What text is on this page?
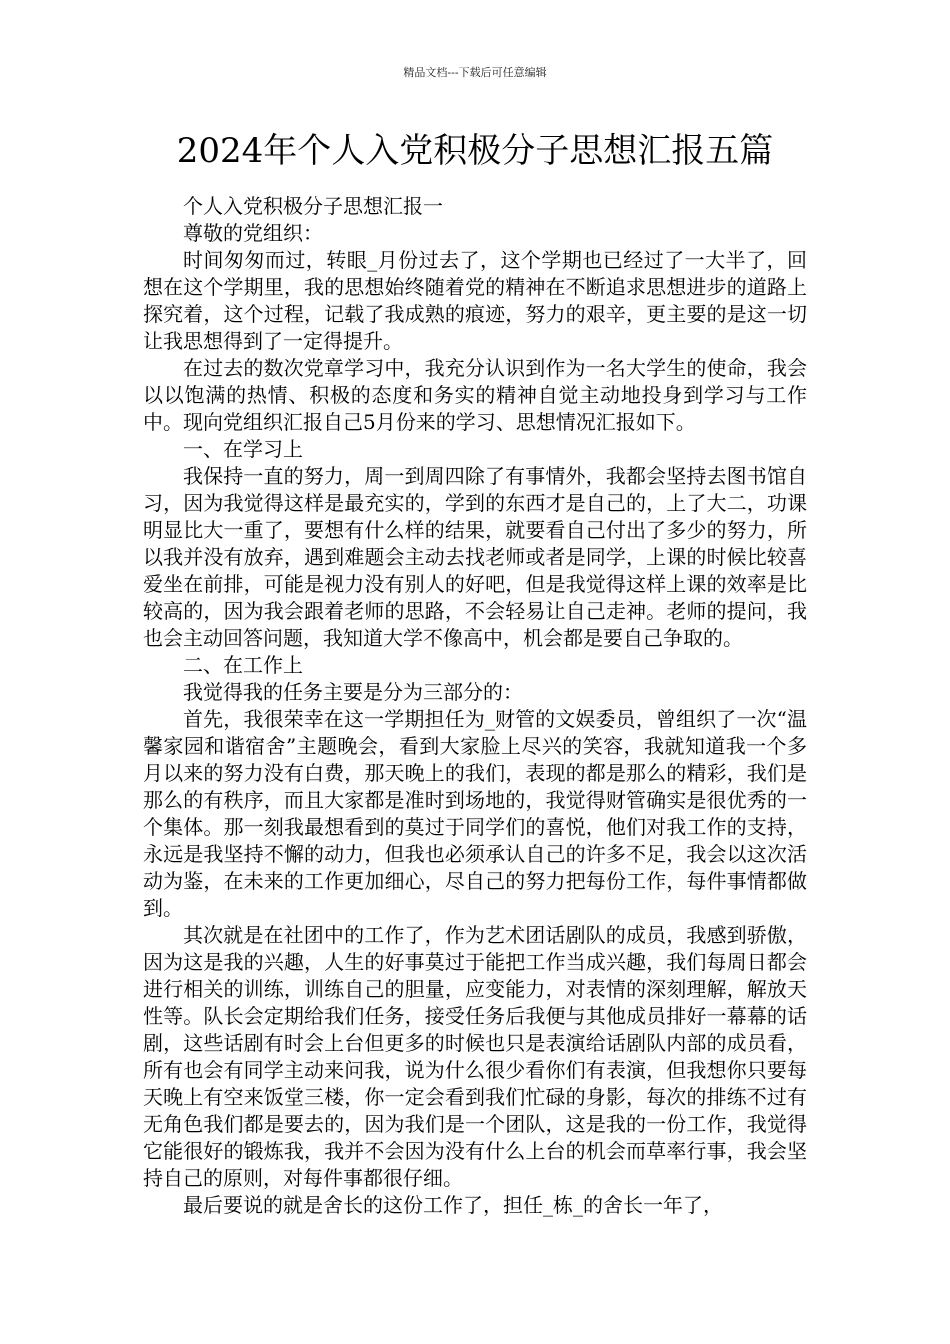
精品文档---下载后可任意编辑
2024年个人入党积极分子思想汇报五篇

个人入党积极分子思想汇报一

尊敬的党组织：

时间匆匆而过，转眼_月份过去了，这个学期也已经过了一大半了，回想在这个学期里，我的思想始终随着党的精神在不断追求思想进步的道路上探究着，这个过程，记载了我成熟的痕迹，努力的艰辛，更主要的是这一切让我思想得到了一定得提升。

在过去的数次党章学习中，我充分认识到作为一名大学生的使命，我会以以饱满的热情、积极的态度和务实的精神自觉主动地投身到学习与工作中。现向党组织汇报自己5月份来的学习、思想情况汇报如下。

一、在学习上

我保持一直的努力，周一到周四除了有事情外，我都会坚持去图书馆自习，因为我觉得这样是最充实的，学到的东西才是自己的，上了大二，功课明显比大一重了，要想有什么样的结果，就要看自己付出了多少的努力，所以我并没有放弃，遇到难题会主动去找老师或者是同学，上课的时候比较喜爱坐在前排，可能是视力没有别人的好吧，但是我觉得这样上课的效率是比较高的，因为我会跟着老师的思路，不会轻易让自己走神。老师的提问，我也会主动回答问题，我知道大学不像高中，机会都是要自己争取的。

二、在工作上

我觉得我的任务主要是分为三部分的：

首先，我很荣幸在这一学期担任为_财管的文娱委员，曾组织了一次“温馨家园和谐宿舍”主题晚会，看到大家脸上尽兴的笑容，我就知道我一个多月以来的努力没有白费，那天晚上的我们，表现的都是那么的精彩，我们是那么的有秩序，而且大家都是准时到场地的，我觉得财管确实是很优秀的一个集体。那一刻我最想看到的莫过于同学们的喜悦，他们对我工作的支持，永远是我坚持不懈的动力，但我也必须承认自己的许多不足，我会以这次活动为鉴，在未来的工作更加细心，尽自己的努力把每份工作，每件事情都做到。

其次就是在社团中的工作了，作为艺术团话剧队的成员，我感到骄傲，因为这是我的兴趣，人生的好事莫过于能把工作当成兴趣，我们每周日都会进行相关的训练，训练自己的胆量，应变能力，对表情的深刻理解，解放天性等。队长会定期给我们任务，接受任务后我便与其他成员排好一幕幕的话剧，这些话剧有时会上台但更多的时候也只是表演给话剧队内部的成员看，所有也会有同学主动来问我，说为什么很少看你们有表演，但我想你只要每天晚上有空来饭堂三楼，你一定会看到我们忙碌的身影，每次的排练不过有无角色我们都是要去的，因为我们是一个团队，这是我的一份工作，我觉得它能很好的锻炼我，我并不会因为没有什么上台的机会而草率行事，我会坚持自己的原则，对每件事都很仔细。

最后要说的就是舍长的这份工作了，担任_栋_的舍长一年了，
